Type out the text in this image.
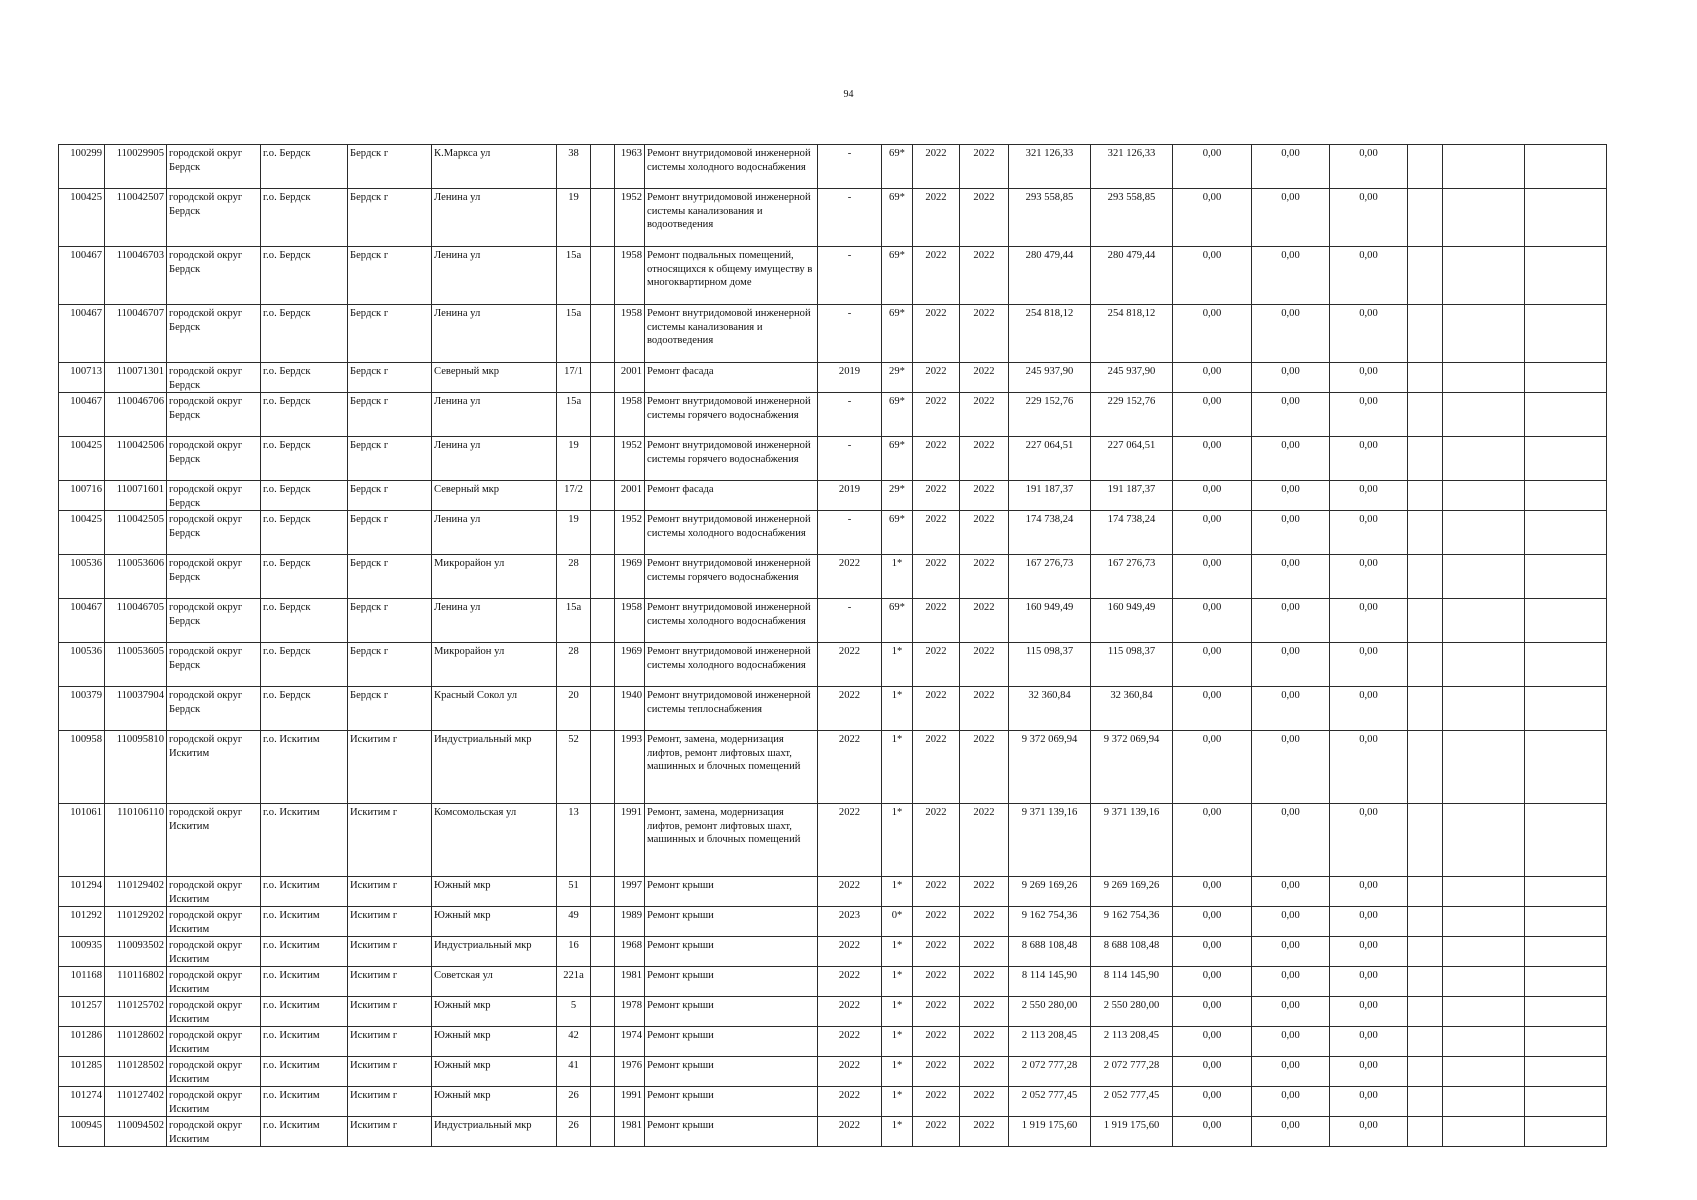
94
100299	110029905	городской округ Бердск	г.о. Бердск	Бердск г	К.Маркса ул	38		1963	Ремонт внутридомовой инженерной системы холодного водоснабжения	-	69*	2022	2022	321 126,33	321 126,33	0,00	0,00	0,00			
100425	110042507	городской округ Бердск	г.о. Бердск	Бердск г	Ленина ул	19		1952	Ремонт внутридомовой инженерной системы канализования и водоотведения	-	69*	2022	2022	293 558,85	293 558,85	0,00	0,00	0,00			
100467	110046703	городской округ Бердск	г.о. Бердск	Бердск г	Ленина ул	15а		1958	Ремонт подвальных помещений, относящихся к общему имуществу в многоквартирном доме	-	69*	2022	2022	280 479,44	280 479,44	0,00	0,00	0,00			
100467	110046707	городской округ Бердск	г.о. Бердск	Бердск г	Ленина ул	15а		1958	Ремонт внутридомовой инженерной системы канализования и водоотведения	-	69*	2022	2022	254 818,12	254 818,12	0,00	0,00	0,00			
100713	110071301	городской округ Бердск	г.о. Бердск	Бердск г	Северный мкр	17/1		2001	Ремонт фасада	2019	29*	2022	2022	245 937,90	245 937,90	0,00	0,00	0,00			
100467	110046706	городской округ Бердск	г.о. Бердск	Бердск г	Ленина ул	15а		1958	Ремонт внутридомовой инженерной системы горячего водоснабжения	-	69*	2022	2022	229 152,76	229 152,76	0,00	0,00	0,00			
100425	110042506	городской округ Бердск	г.о. Бердск	Бердск г	Ленина ул	19		1952	Ремонт внутридомовой инженерной системы горячего водоснабжения	-	69*	2022	2022	227 064,51	227 064,51	0,00	0,00	0,00			
100716	110071601	городской округ Бердск	г.о. Бердск	Бердск г	Северный мкр	17/2		2001	Ремонт фасада	2019	29*	2022	2022	191 187,37	191 187,37	0,00	0,00	0,00			
100425	110042505	городской округ Бердск	г.о. Бердск	Бердск г	Ленина ул	19		1952	Ремонт внутридомовой инженерной системы холодного водоснабжения	-	69*	2022	2022	174 738,24	174 738,24	0,00	0,00	0,00			
100536	110053606	городской округ Бердск	г.о. Бердск	Бердск г	Микрорайон ул	28		1969	Ремонт внутридомовой инженерной системы горячего водоснабжения	2022	1*	2022	2022	167 276,73	167 276,73	0,00	0,00	0,00			
100467	110046705	городской округ Бердск	г.о. Бердск	Бердск г	Ленина ул	15а		1958	Ремонт внутридомовой инженерной системы холодного водоснабжения	-	69*	2022	2022	160 949,49	160 949,49	0,00	0,00	0,00			
100536	110053605	городской округ Бердск	г.о. Бердск	Бердск г	Микрорайон ул	28		1969	Ремонт внутридомовой инженерной системы холодного водоснабжения	2022	1*	2022	2022	115 098,37	115 098,37	0,00	0,00	0,00			
100379	110037904	городской округ Бердск	г.о. Бердск	Бердск г	Красный Сокол ул	20		1940	Ремонт внутридомовой инженерной системы теплоснабжения	2022	1*	2022	2022	32 360,84	32 360,84	0,00	0,00	0,00			
100958	110095810	городской округ Искитим	г.о. Искитим	Искитим г	Индустриальный мкр	52		1993	Ремонт, замена, модернизация лифтов, ремонт лифтовых шахт, машинных и блочных помещений	2022	1*	2022	2022	9 372 069,94	9 372 069,94	0,00	0,00	0,00			
101061	110106110	городской округ Искитим	г.о. Искитим	Искитим г	Комсомольская ул	13		1991	Ремонт, замена, модернизация лифтов, ремонт лифтовых шахт, машинных и блочных помещений	2022	1*	2022	2022	9 371 139,16	9 371 139,16	0,00	0,00	0,00			
101294	110129402	городской округ Искитим	г.о. Искитим	Искитим г	Южный мкр	51		1997	Ремонт крыши	2022	1*	2022	2022	9 269 169,26	9 269 169,26	0,00	0,00	0,00			
101292	110129202	городской округ Искитим	г.о. Искитим	Искитим г	Южный мкр	49		1989	Ремонт крыши	2023	0*	2022	2022	9 162 754,36	9 162 754,36	0,00	0,00	0,00			
100935	110093502	городской округ Искитим	г.о. Искитим	Искитим г	Индустриальный мкр	16		1968	Ремонт крыши	2022	1*	2022	2022	8 688 108,48	8 688 108,48	0,00	0,00	0,00			
101168	110116802	городской округ Искитим	г.о. Искитим	Искитим г	Советская ул	221а		1981	Ремонт крыши	2022	1*	2022	2022	8 114 145,90	8 114 145,90	0,00	0,00	0,00			
101257	110125702	городской округ Искитим	г.о. Искитим	Искитим г	Южный мкр	5		1978	Ремонт крыши	2022	1*	2022	2022	2 550 280,00	2 550 280,00	0,00	0,00	0,00			
101286	110128602	городской округ Искитим	г.о. Искитим	Искитим г	Южный мкр	42		1974	Ремонт крыши	2022	1*	2022	2022	2 113 208,45	2 113 208,45	0,00	0,00	0,00			
101285	110128502	городской округ Искитим	г.о. Искитим	Искитим г	Южный мкр	41		1976	Ремонт крыши	2022	1*	2022	2022	2 072 777,28	2 072 777,28	0,00	0,00	0,00			
101274	110127402	городской округ Искитим	г.о. Искитим	Искитим г	Южный мкр	26		1991	Ремонт крыши	2022	1*	2022	2022	2 052 777,45	2 052 777,45	0,00	0,00	0,00			
100945	110094502	городской округ Искитим	г.о. Искитим	Искитим г	Индустриальный мкр	26		1981	Ремонт крыши	2022	1*	2022	2022	1 919 175,60	1 919 175,60	0,00	0,00	0,00			
